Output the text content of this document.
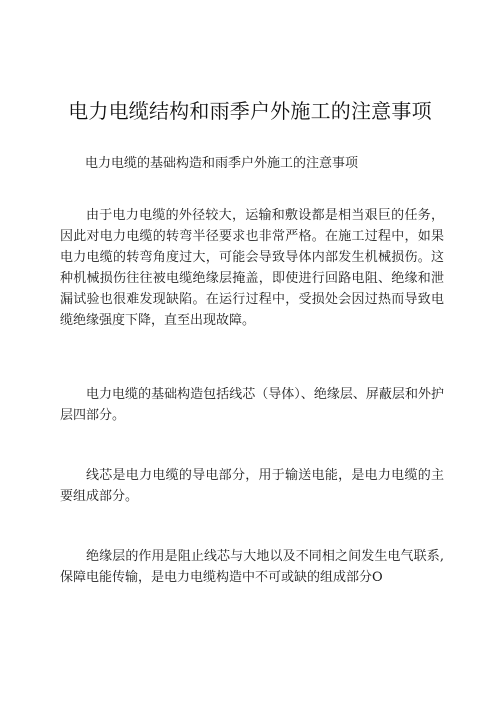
电力电缆结构和雨季户外施工的注意事项

电力电缆的基础构造和雨季户外施工的注意事项

由于电力电缆的外径较大，运输和敷设都是相当艰巨的任务，因此对电力电缆的转弯半径要求也非常严格。在施工过程中，如果电力电缆的转弯角度过大，可能会导致导体内部发生机械损伤。这种机械损伤往往被电缆绝缘层掩盖，即使进行回路电阻、绝缘和泄漏试验也很难发现缺陷。在运行过程中，受损处会因过热而导致电缆绝缘强度下降，直至出现故障。

电力电缆的基础构造包括线芯（导体）、绝缘层、屏蔽层和外护层四部分。

线芯是电力电缆的导电部分，用于输送电能，是电力电缆的主要组成部分。

绝缘层的作用是阻止线芯与大地以及不同相之间发生电气联系,保障电能传输，是电力电缆构造中不可或缺的组成部分O
